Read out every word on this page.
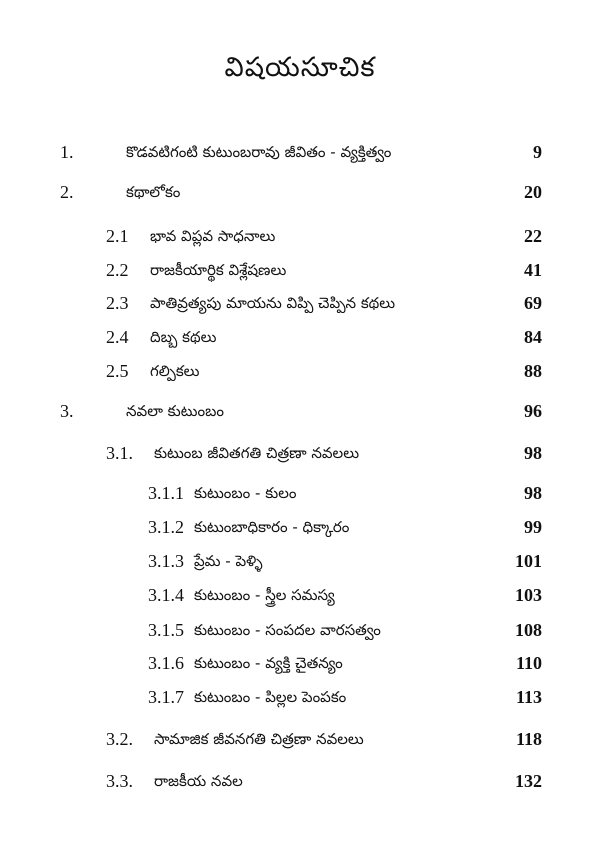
విషయసూచిక
1.	కొడవటిగంటి కుటుంబరావు జీవితం - వ్యక్తిత్వం	9
2.	కథాలోకం	20
2.1 భావ విప్లవ సాధనాలు	22
2.2 రాజకీయార్థిక విశ్లేషణలు	41
2.3 పాతివ్రత్యపు మాయను విప్పి చెప్పిన కథలు	69
2.4 దిబ్బ కథలు	84
2.5 గల్పికలు	88
3.	నవలా కుటుంబం	96
3.1. కుటుంబ జీవితగతి చిత్రణా నవలలు	98
3.1.1 కుటుంబం - కులం	98
3.1.2 కుటుంబాధికారం - ధిక్కారం	99
3.1.3 ప్రేమ - పెళ్ళి	101
3.1.4 కుటుంబం - స్త్రీల సమస్య	103
3.1.5 కుటుంబం - సంపదల వారసత్వం	108
3.1.6 కుటుంబం - వ్యక్తి చైతన్యం	110
3.1.7 కుటుంబం - పిల్లల పెంపకం	113
3.2. సామాజిక జీవనగతి చిత్రణా నవలలు	118
3.3. రాజకీయ నవల	132
